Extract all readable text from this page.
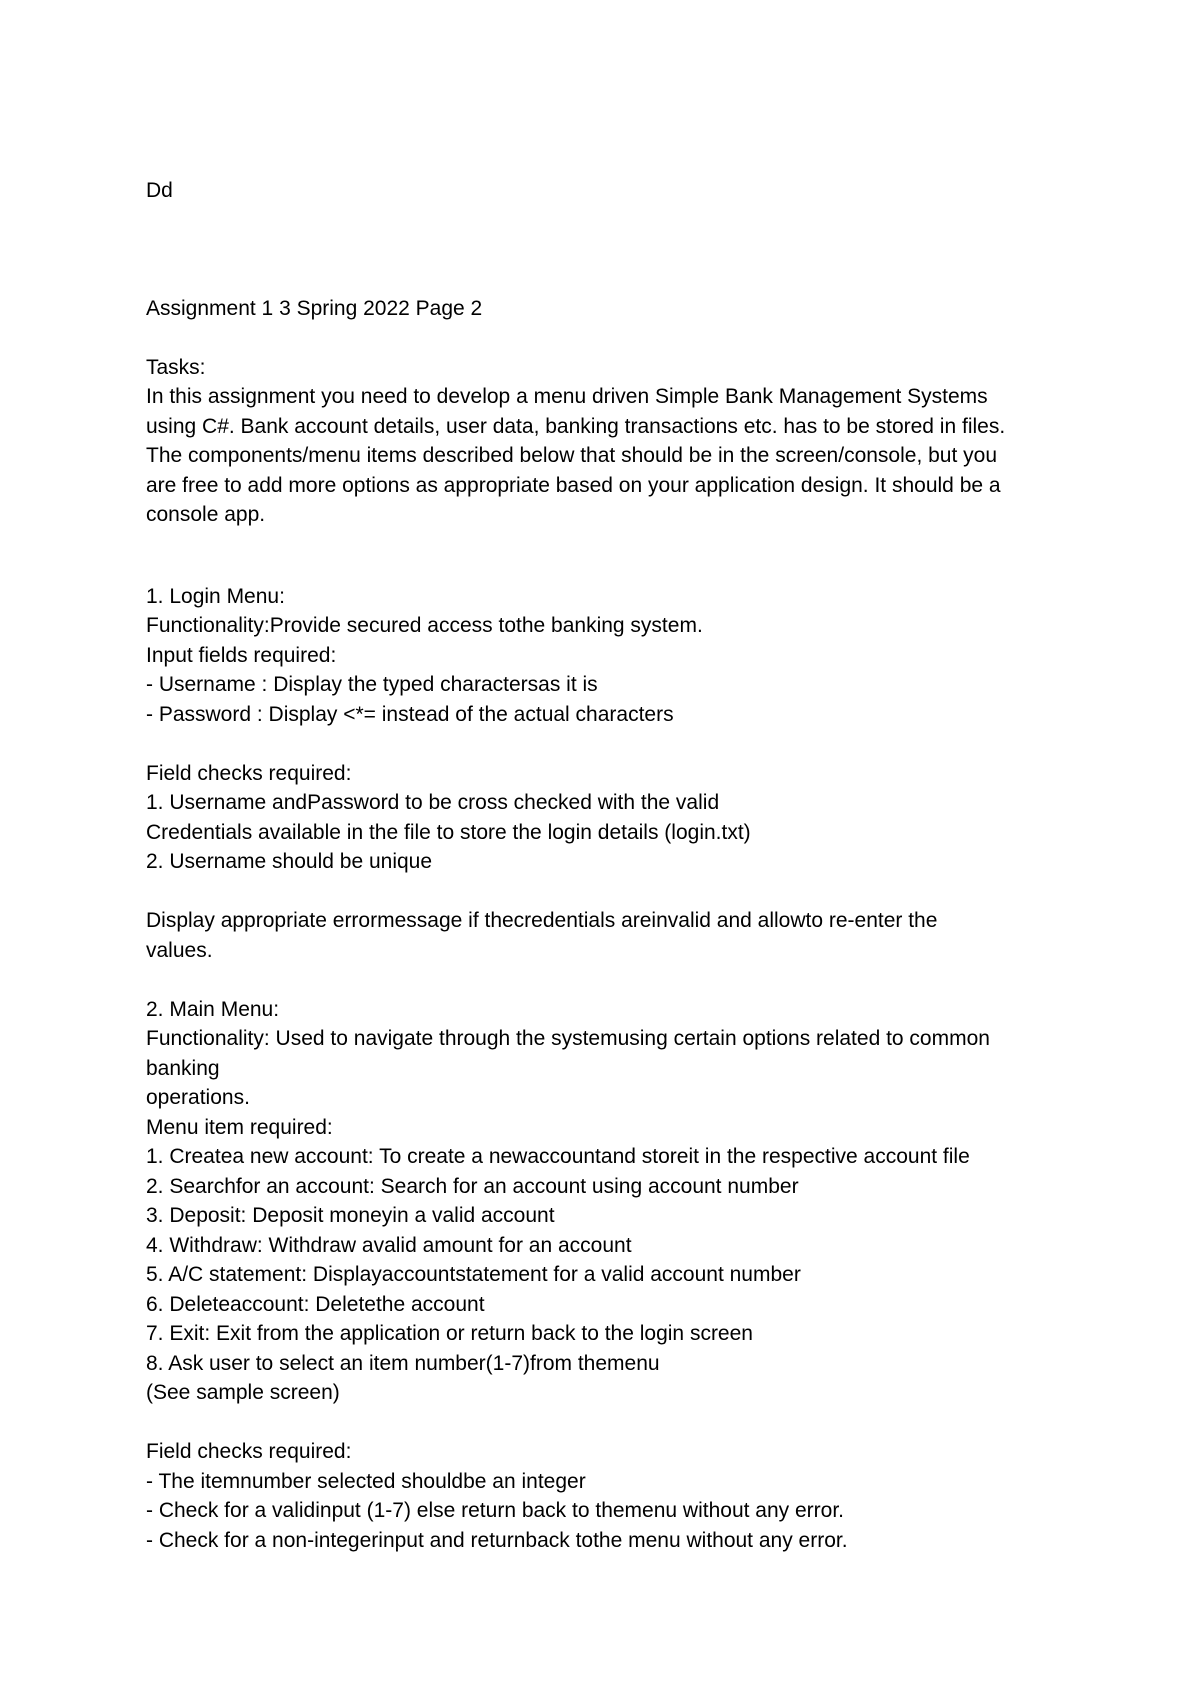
Dd
Assignment 1 3 Spring 2022 Page 2
Tasks:
In this assignment you need to develop a menu driven Simple Bank Management Systems
using C#. Bank account details, user data, banking transactions etc. has to be stored in files.
The components/menu items described below that should be in the screen/console, but you
are free to add more options as appropriate based on your application design. It should be a
console app.
1. Login Menu:
Functionality:Provide secured access tothe banking system.
Input fields required:
- Username : Display the typed charactersas it is
- Password : Display <*= instead of the actual characters
Field checks required:
1. Username andPassword to be cross checked with the valid
Credentials available in the file to store the login details (login.txt)
2. Username should be unique
Display appropriate errormessage if thecredentials areinvalid and allowto re-enter the
values.
2. Main Menu:
Functionality: Used to navigate through the systemusing certain options related to common
banking
operations.
Menu item required:
1. Createa new account: To create a newaccountand storeit in the respective account file
2. Searchfor an account: Search for an account using account number
3. Deposit: Deposit moneyin a valid account
4. Withdraw: Withdraw avalid amount for an account
5. A/C statement: Displayaccountstatement for a valid account number
6. Deleteaccount: Deletethe account
7. Exit: Exit from the application or return back to the login screen
8. Ask user to select an item number(1-7)from themenu
(See sample screen)
Field checks required:
- The itemnumber selected shouldbe an integer
- Check for a validinput (1-7) else return back to themenu without any error.
- Check for a non-integerinput and returnback tothe menu without any error.
